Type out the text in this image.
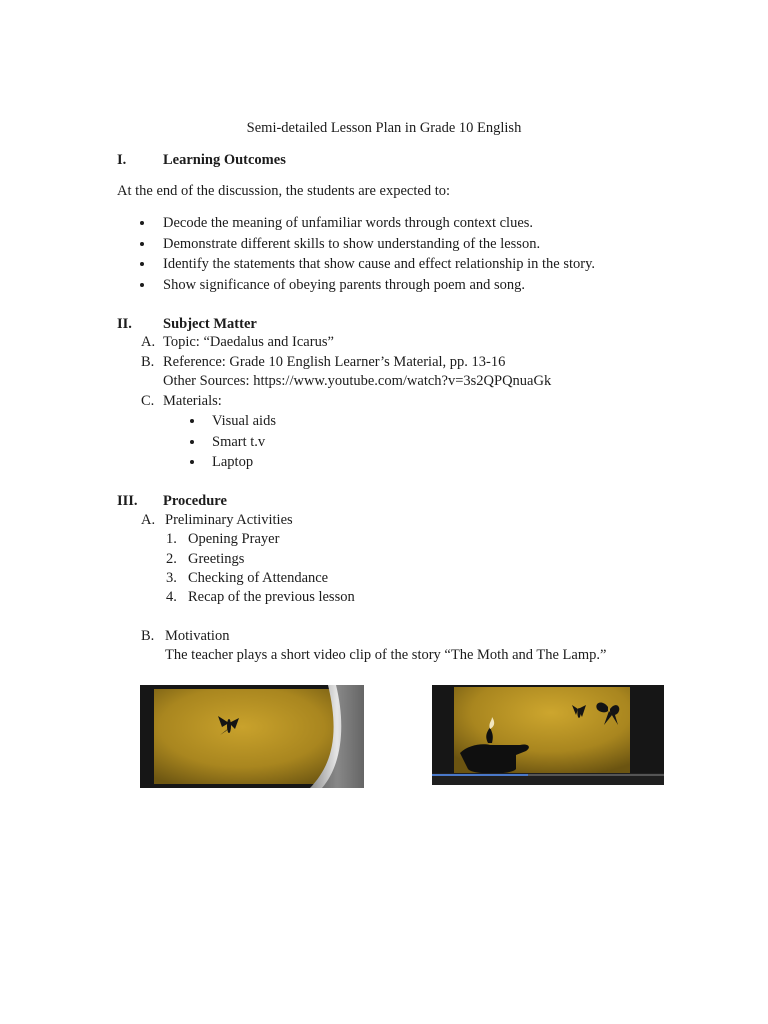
Semi-detailed Lesson Plan in Grade 10 English
I.	Learning Outcomes
At the end of the discussion, the students are expected to:
Decode the meaning of unfamiliar words through context clues.
Demonstrate different skills to show understanding of the lesson.
Identify the statements that show cause and effect relationship in the story.
Show significance of obeying parents through poem and song.
II. Subject Matter
A. Topic: “Daedalus and Icarus”
B. Reference: Grade 10 English Learner’s Material, pp. 13-16
Other Sources: https://www.youtube.com/watch?v=3s2QPQnuaGk
C. Materials:
Visual aids
Smart t.v
Laptop
III. Procedure
A. Preliminary Activities
1. Opening Prayer
2. Greetings
3. Checking of Attendance
4. Recap of the previous lesson
B. Motivation
The teacher plays a short video clip of the story “The Moth and The Lamp.”
